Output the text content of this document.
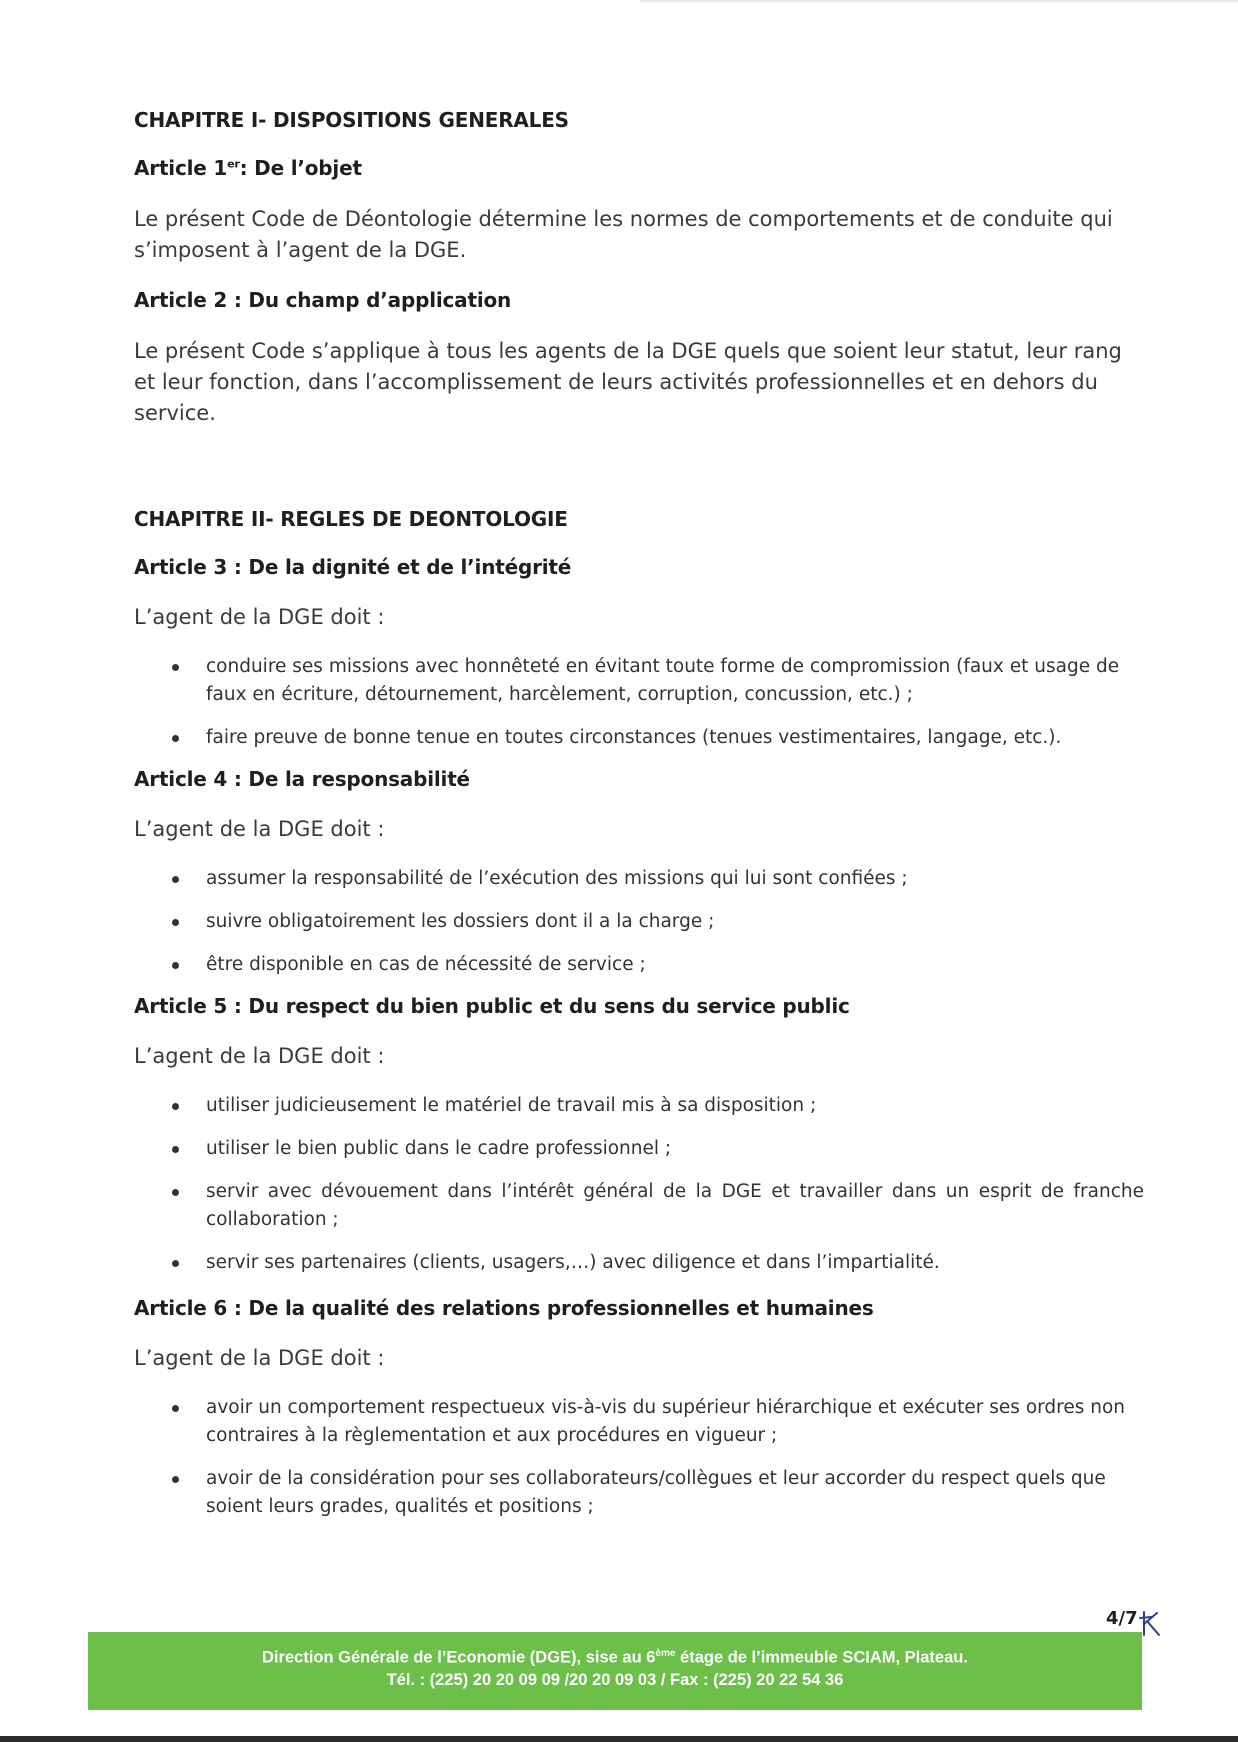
CHAPITRE I- DISPOSITIONS GENERALES
Article 1er: De l’objet

Le présent Code de Déontologie détermine les normes de comportements et de conduite qui s’imposent à l’agent de la DGE.

Article 2 : Du champ d’application

Le présent Code s’applique à tous les agents de la DGE quels que soient leur statut, leur rang et leur fonction, dans l’accomplissement de leurs activités professionnelles et en dehors du service.

CHAPITRE II- REGLES DE DEONTOLOGIE
Article 3 : De la dignité et de l’intégrité

L’agent de la DGE doit :

conduire ses missions avec honnêteté en évitant toute forme de compromission (faux et usage de faux en écriture, détournement, harcèlement, corruption, concussion, etc.) ;
faire preuve de bonne tenue en toutes circonstances (tenues vestimentaires, langage, etc.).
Article 4 : De la responsabilité

L’agent de la DGE doit :

assumer la responsabilité de l’exécution des missions qui lui sont confiées ;
suivre obligatoirement les dossiers dont il a la charge ;
être disponible en cas de nécessité de service ;
Article 5 : Du respect du bien public et du sens du service public

L’agent de la DGE doit :

utiliser judicieusement le matériel de travail mis à sa disposition ;
utiliser le bien public dans le cadre professionnel ;
servir avec dévouement dans l’intérêt général de la DGE et travailler dans un esprit de franche collaboration ;
servir ses partenaires (clients, usagers,…) avec diligence et dans l’impartialité.
Article 6 : De la qualité des relations professionnelles et humaines

L’agent de la DGE doit :

avoir un comportement respectueux vis-à-vis du supérieur hiérarchique et exécuter ses ordres non contraires à la règlementation et aux procédures en vigueur ;
avoir de la considération pour ses collaborateurs/collègues et leur accorder du respect quels que soient leurs grades, qualités et positions ;
4/7
Direction Générale de l’Economie (DGE), sise au 6ème étage de l’immeuble SCIAM, Plateau.
Tél. : (225) 20 20 09 09 /20 20 09 03 / Fax : (225) 20 22 54 36
